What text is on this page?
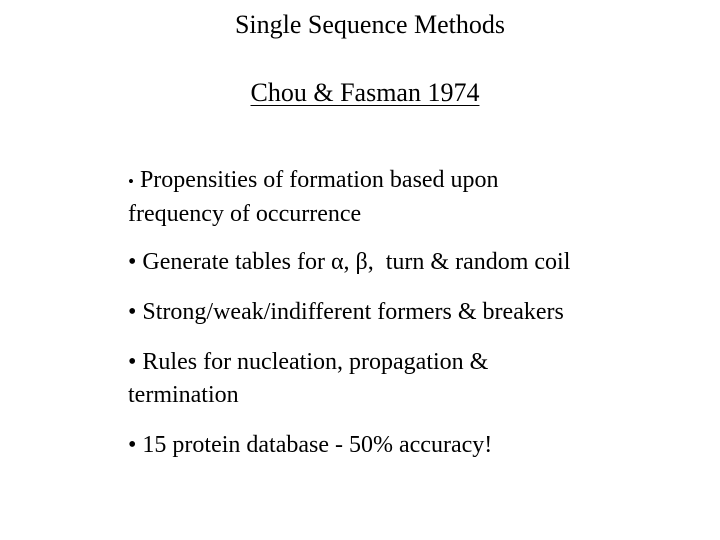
Single Sequence Methods
Chou & Fasman 1974
• Propensities of formation based upon
frequency of occurrence
• Generate tables for α, β,  turn & random coil
• Strong/weak/indifferent formers & breakers
• Rules for nucleation, propagation &
termination
• 15 protein database - 50% accuracy!
